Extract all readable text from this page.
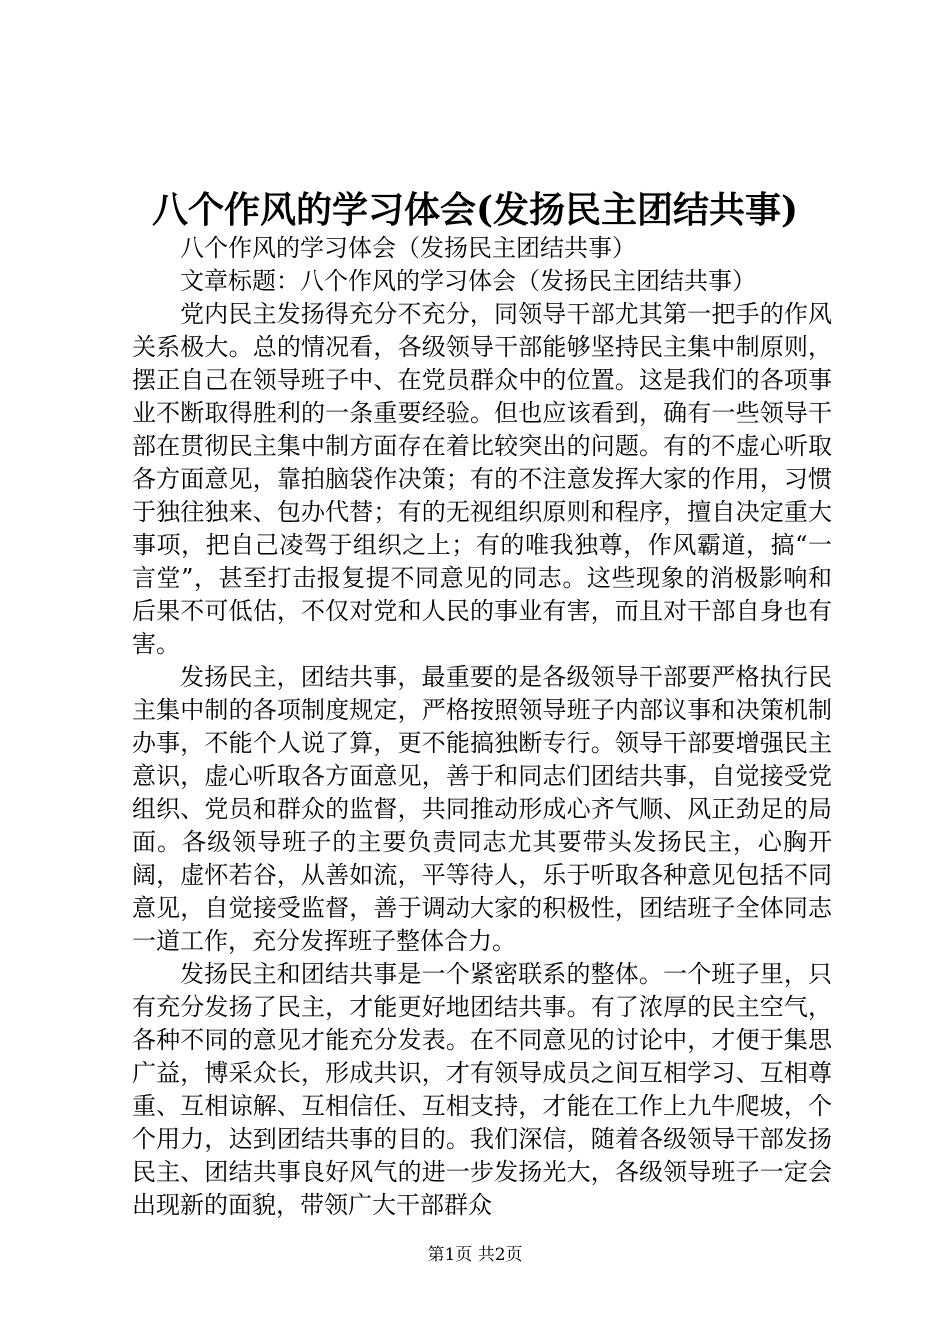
八个作风的学习体会(发扬民主团结共事)

八个作风的学习体会（发扬民主团结共事）

文章标题：八个作风的学习体会（发扬民主团结共事）

党内民主发扬得充分不充分，同领导干部尤其第一把手的作风关系极大。总的情况看，各级领导干部能够坚持民主集中制原则，摆正自己在领导班子中、在党员群众中的位置。这是我们的各项事业不断取得胜利的一条重要经验。但也应该看到，确有一些领导干部在贯彻民主集中制方面存在着比较突出的问题。有的不虚心听取各方面意见，靠拍脑袋作决策；有的不注意发挥大家的作用，习惯于独往独来、包办代替；有的无视组织原则和程序，擅自决定重大事项，把自己凌驾于组织之上；有的唯我独尊，作风霸道，搞“一言堂”，甚至打击报复提不同意见的同志。这些现象的消极影响和后果不可低估，不仅对党和人民的事业有害，而且对干部自身也有害。

发扬民主，团结共事，最重要的是各级领导干部要严格执行民主集中制的各项制度规定，严格按照领导班子内部议事和决策机制办事，不能个人说了算，更不能搞独断专行。领导干部要增强民主意识，虚心听取各方面意见，善于和同志们团结共事，自觉接受党组织、党员和群众的监督，共同推动形成心齐气顺、风正劲足的局面。各级领导班子的主要负责同志尤其要带头发扬民主，心胸开阔，虚怀若谷，从善如流，平等待人，乐于听取各种意见包括不同意见，自觉接受监督，善于调动大家的积极性，团结班子全体同志一道工作，充分发挥班子整体合力。

发扬民主和团结共事是一个紧密联系的整体。一个班子里，只有充分发扬了民主，才能更好地团结共事。有了浓厚的民主空气，各种不同的意见才能充分发表。在不同意见的讨论中，才便于集思广益，博采众长，形成共识，才有领导成员之间互相学习、互相尊重、互相谅解、互相信任、互相支持，才能在工作上九牛爬坡，个个用力，达到团结共事的目的。我们深信，随着各级领导干部发扬民主、团结共事良好风气的进一步发扬光大，各级领导班子一定会出现新的面貌，带领广大干部群众

第1页 共2页
